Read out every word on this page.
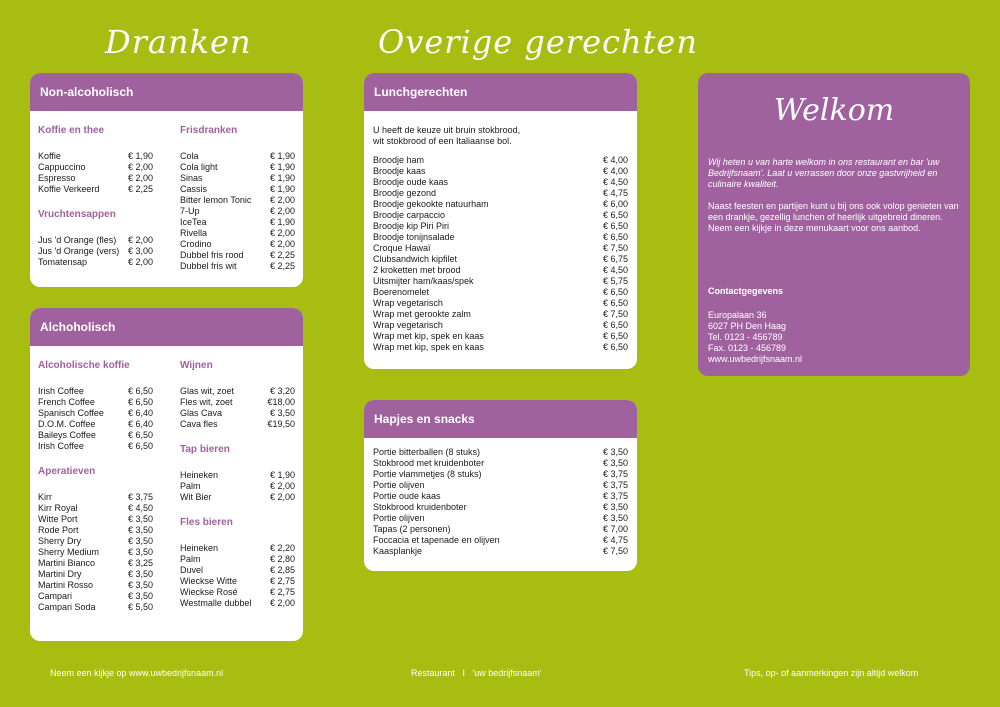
Dranken	Overige gerechten
Non-alcoholisch
Koffie en thee
Koffie	€ 1,90
Cappuccino	€ 2,00
Espresso	€ 2,00
Koffie Verkeerd	€ 2,25
Vruchtensappen
Jus 'd Orange (fles) € 2,00
Jus 'd Orange (vers) € 3,00
Tomatensap	€ 2,00
Frisdranken
Cola	€ 1,90
Cola light	€ 1,90
Sinas	€ 1,90
Cassis	€ 1,90
Bitter lemon Tonic € 2,00
7-Up	€ 2,00
IceTea	€ 1,90
Rivella	€ 2,00
Crodino	€ 2,00
Dubbel fris rood	€ 2,25
Dubbel fris wit	€ 2,25
Alchoholisch
Alcoholische koffie
Irish Coffee	€ 6,50
French Coffee	€ 6,50
Spanisch Coffee	€ 6,40
D.O.M. Coffee	€ 6,40
Baileys Coffee	€ 6,50
Irish Coffee	€ 6,50
Aperatieven
Kirr	€ 3,75
Kirr Royal	€ 4,50
Witte Port	€ 3,50
Rode Port	€ 3,50
Sherry Dry	€ 3,50
Sherry Medium	€ 3,50
Martini Bianco	€ 3,25
Martini Dry	€ 3,50
Martini Rosso	€ 3,50
Campari	€ 3,50
Campari Soda	€ 5,50
Wijnen
Glas wit, zoet	€ 3,20
Fles wit, zoet	€18,00
Glas Cava	€ 3,50
Cava fles	€19,50
Tap bieren
Heineken	€ 1,90
Palm	€ 2,00
Wit Bier	€ 2,00
Fles bieren
Heineken	€ 2,20
Palm	€ 2,80
Duvel	€ 2,85
Wieckse Witte	€ 2,75
Wieckse Rosé	€ 2,75
Westmalle dubbel € 2,00
Lunchgerechten
U heeft de keuze uit bruin stokbrood,
wit stokbrood of een Italiaanse bol.
Broodje ham	€ 4,00
Broodje kaas	€ 4,00
Broodje oude kaas	€ 4,50
Broodje gezond	€ 4,75
Broodje gekookte natuurham	€ 6,00
Broodje carpaccio	€ 6,50
Broodje kip Piri Piri	€ 6,50
Broodje tonijnsalade	€ 6,50
Croque Hawaï	€ 7,50
Clubsandwich kipfilet	€ 6,75
2 kroketten met brood	€ 4,50
Uitsmijter ham/kaas/spek	€ 5,75
Boerenomelet	€ 6,50
Wrap vegetarisch	€ 6,50
Wrap met gerookte zalm	€ 7,50
Wrap vegetarisch	€ 6,50
Wrap met kip, spek en kaas	€ 6,50
Wrap met kip, spek en kaas	€ 6,50
Hapjes en snacks
Portie bitterballen (8 stuks)	€ 3,50
Stokbrood met kruidenboter	€ 3,50
Portie vlammetjes (8 stuks)	€ 3,75
Portie olijven	€ 3,75
Portie oude kaas	€ 3,75
Stokbrood kruidenboter	€ 3,50
Portie olijven	€ 3,50
Tapas (2 personen)	€ 7,00
Foccacia et tapenade en olijven	€ 4,75
Kaasplankje	€ 7,50
Welkom
Wij heten u van harte welkom in ons restaurant en bar 'uw Bedrijfsnaam'. Laat u verrassen door onze gastvrijheid en culinaire kwaliteit.
Naast feesten en partijen kunt u bij ons ook volop genieten van een drankje, gezellig lunchen of heerlijk uitgebreid dineren. Neem een kijkje in deze menukaart voor ons aanbod.
Contactgegevens
Europalaan 36
6027 PH Den Haag
Tel. 0123 - 456789
Fax. 0123 - 456789
www.uwbedrijfsnaam.nl
Neem een kijkje op www.uwbedrijfsnaam.nl	Restaurant   I   'uw bedrijfsnaam'	Tips, op- of aanmerkingen zijn altijd welkom
